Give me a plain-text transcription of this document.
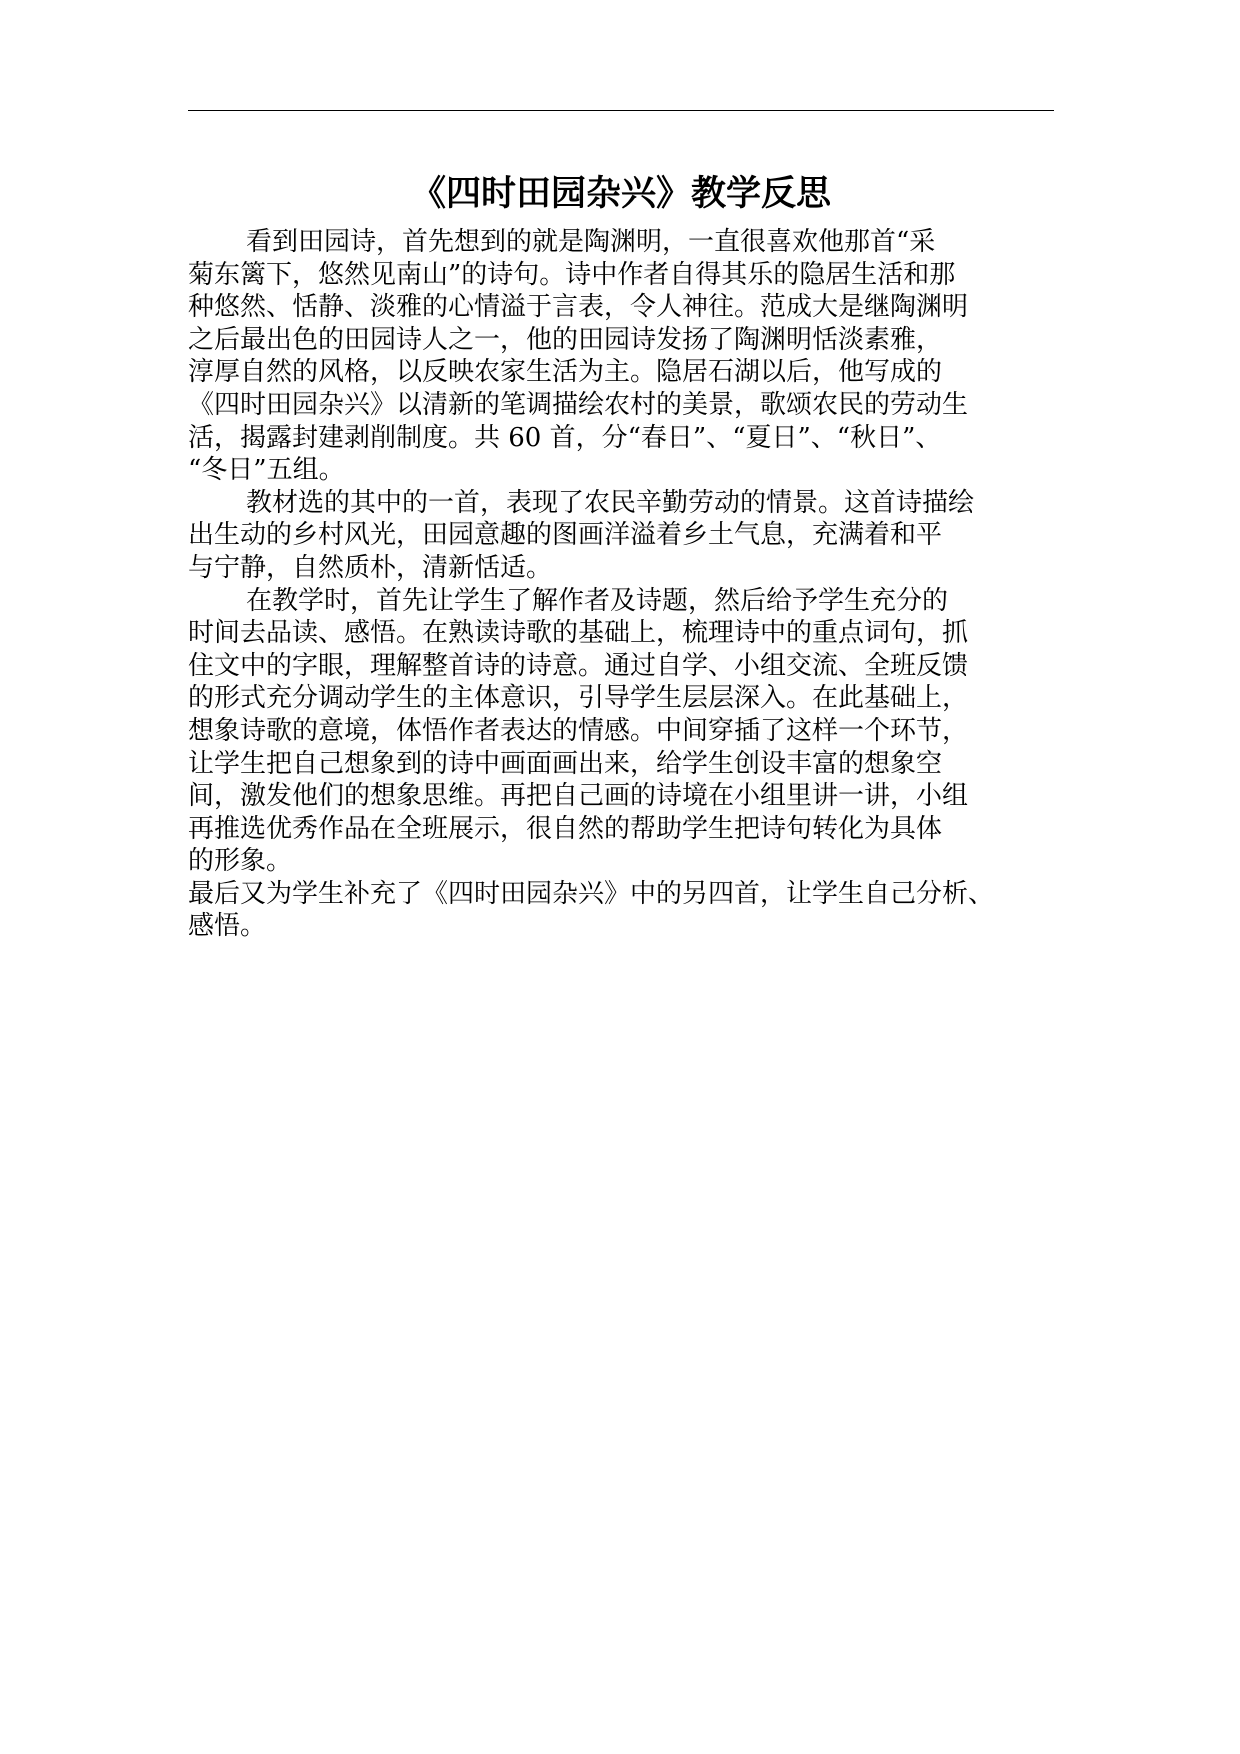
《四时田园杂兴》教学反思
看到田园诗，首先想到的就是陶渊明，一直很喜欢他那首“采
菊东篱下，悠然见南山”的诗句。诗中作者自得其乐的隐居生活和那
种悠然、恬静、淡雅的心情溢于言表，令人神往。范成大是继陶渊明
之后最出色的田园诗人之一，他的田园诗发扬了陶渊明恬淡素雅，
淳厚自然的风格，以反映农家生活为主。隐居石湖以后，他写成的
《四时田园杂兴》以清新的笔调描绘农村的美景，歌颂农民的劳动生
活，揭露封建剥削制度。共 60 首，分“春日”、“夏日”、“秋日”、
“冬日”五组。
教材选的其中的一首，表现了农民辛勤劳动的情景。这首诗描绘
出生动的乡村风光，田园意趣的图画洋溢着乡土气息，充满着和平
与宁静，自然质朴，清新恬适。
在教学时，首先让学生了解作者及诗题，然后给予学生充分的
时间去品读、感悟。在熟读诗歌的基础上，梳理诗中的重点词句，抓
住文中的字眼，理解整首诗的诗意。通过自学、小组交流、全班反馈
的形式充分调动学生的主体意识，引导学生层层深入。在此基础上，
想象诗歌的意境，体悟作者表达的情感。中间穿插了这样一个环节，
让学生把自己想象到的诗中画面画出来，给学生创设丰富的想象空
间，激发他们的想象思维。再把自己画的诗境在小组里讲一讲，小组
再推选优秀作品在全班展示，很自然的帮助学生把诗句转化为具体
的形象。
最后又为学生补充了《四时田园杂兴》中的另四首，让学生自己分析、
感悟。
